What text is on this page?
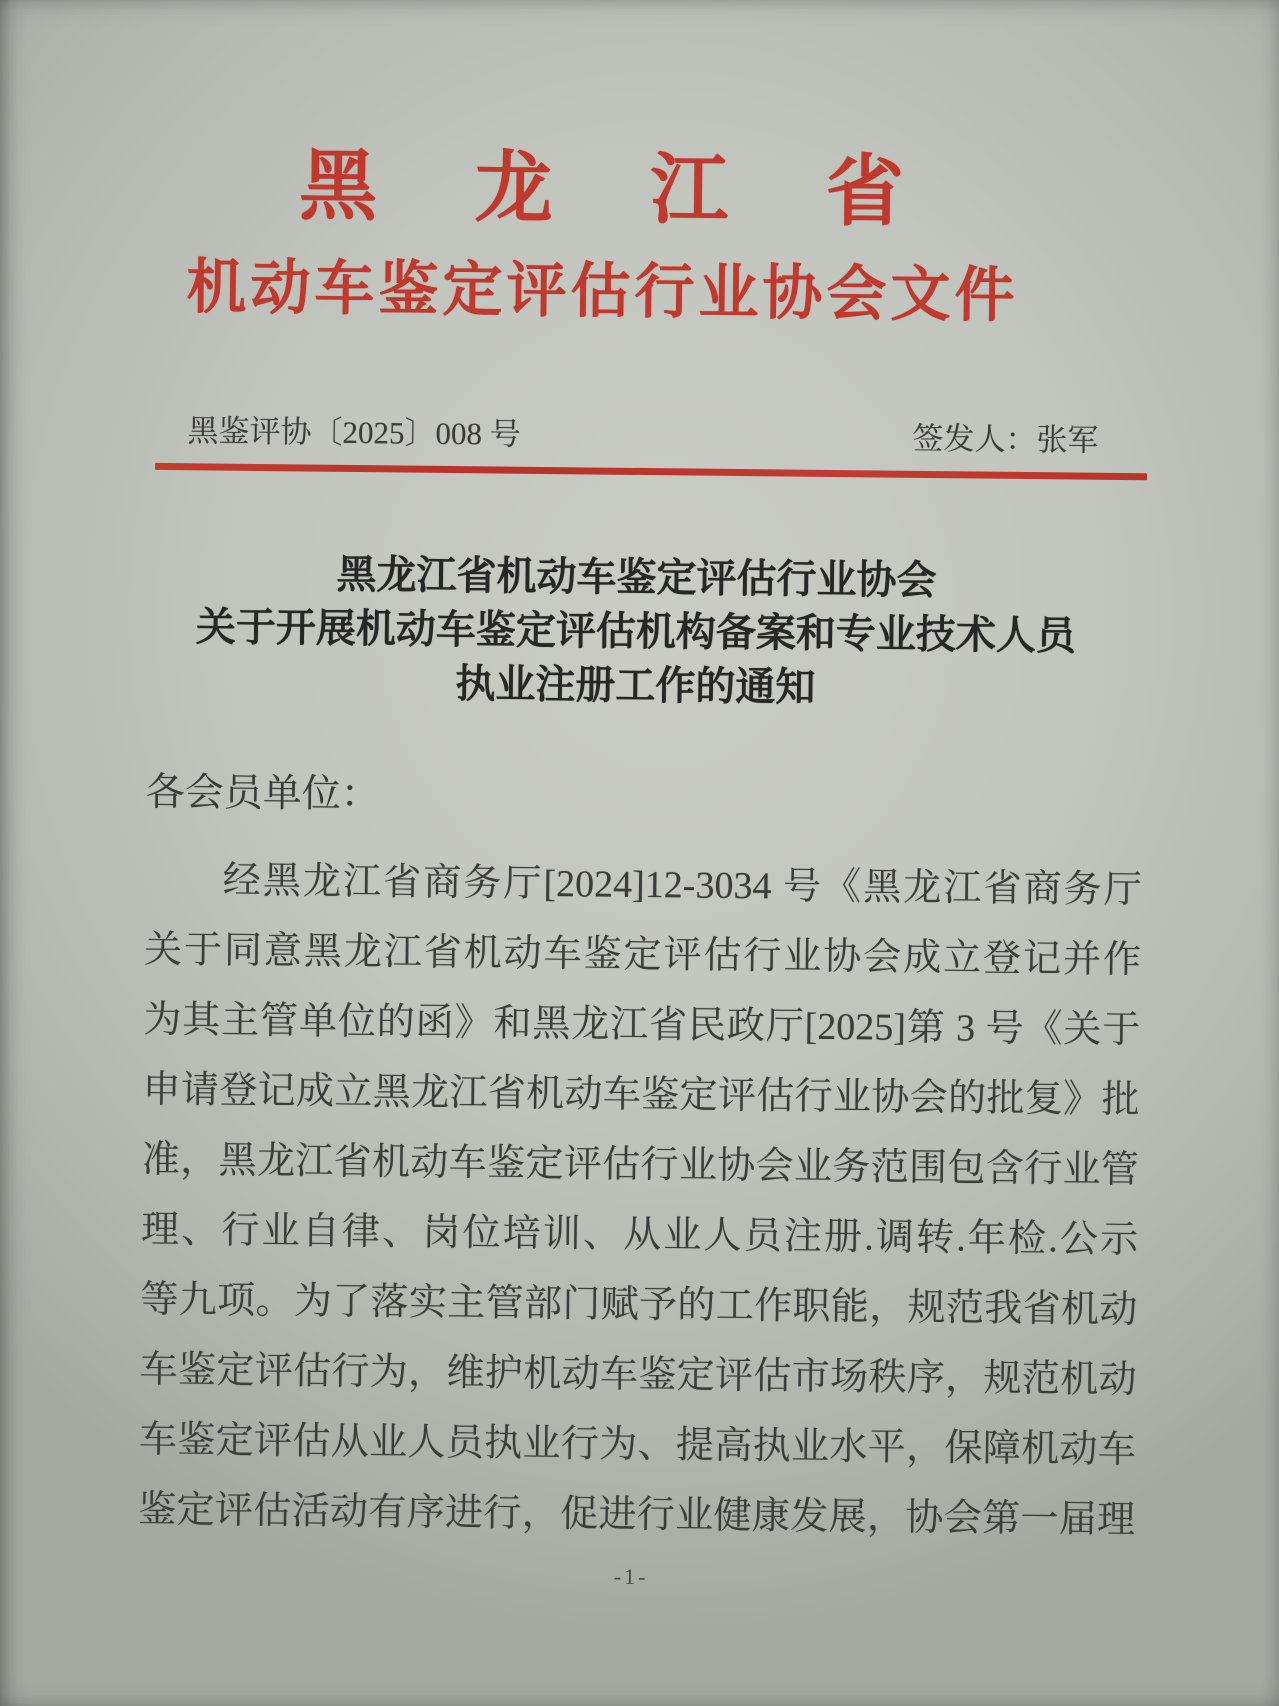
黑 龙 江 省
机动车鉴定评估行业协会文件
黑鉴评协〔2025〕008 号	签发人：张军
黑龙江省机动车鉴定评估行业协会
关于开展机动车鉴定评估机构备案和专业技术人员
执业注册工作的通知
各会员单位：
经黑龙江省商务厅[2024]12-3034 号《黑龙江省商务厅
关于同意黑龙江省机动车鉴定评估行业协会成立登记并作
为其主管单位的函》和黑龙江省民政厅[2025]第 3 号《关于
申请登记成立黑龙江省机动车鉴定评估行业协会的批复》批
准，黑龙江省机动车鉴定评估行业协会业务范围包含行业管
理、行业自律、岗位培训、从业人员注册.调转.年检.公示
等九项。为了落实主管部门赋予的工作职能，规范我省机动
车鉴定评估行为，维护机动车鉴定评估市场秩序，规范机动
车鉴定评估从业人员执业行为、提高执业水平，保障机动车
鉴定评估活动有序进行，促进行业健康发展，协会第一届理
-1-
